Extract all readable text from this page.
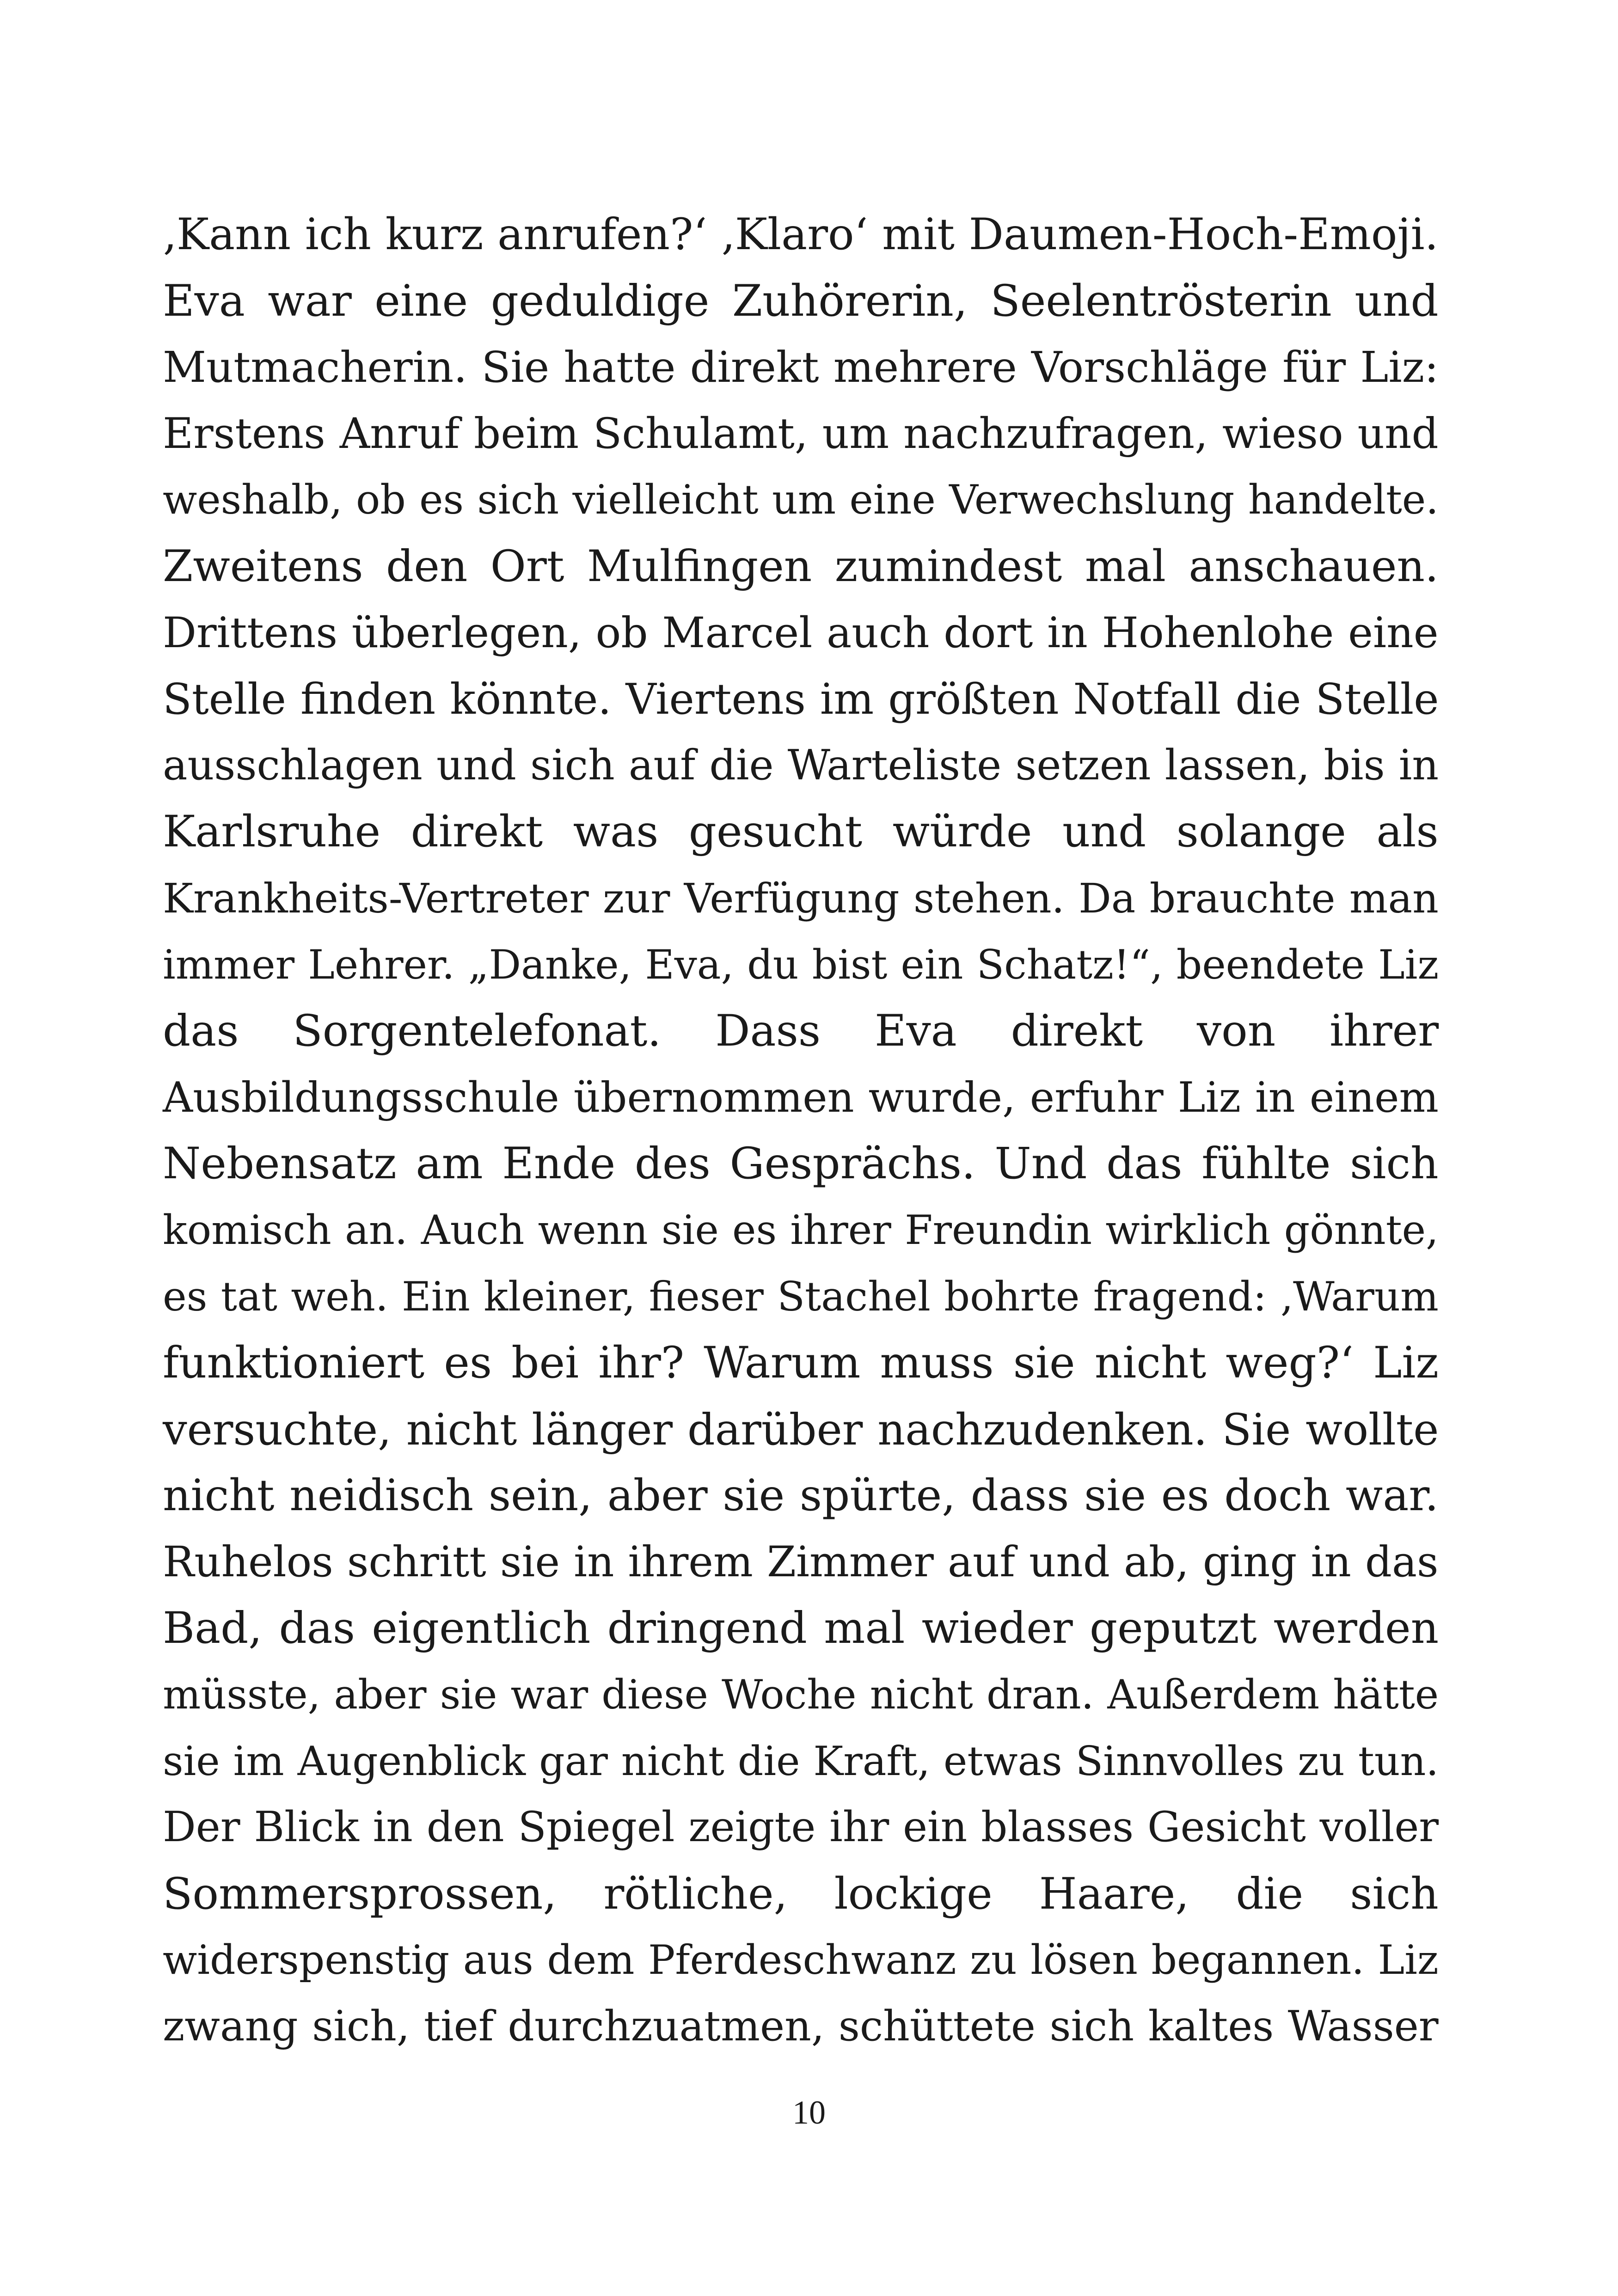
‚Kann ich kurz anrufen?‘ ‚Klaro‘ mit Daumen-Hoch-Emoji.
Eva war eine geduldige Zuhörerin, Seelentrösterin und
Mutmacherin. Sie hatte direkt mehrere Vorschläge für Liz:
Erstens Anruf beim Schulamt, um nachzufragen, wieso und
weshalb, ob es sich vielleicht um eine Verwechslung handelte.
Zweitens den Ort Mulfingen zumindest mal anschauen.
Drittens überlegen, ob Marcel auch dort in Hohenlohe eine
Stelle finden könnte. Viertens im größten Notfall die Stelle
ausschlagen und sich auf die Warteliste setzen lassen, bis in
Karlsruhe direkt was gesucht würde und solange als
Krankheits-Vertreter zur Verfügung stehen. Da brauchte man
immer Lehrer. „Danke, Eva, du bist ein Schatz!“, beendete Liz
das Sorgentelefonat. Dass Eva direkt von ihrer
Ausbildungsschule übernommen wurde, erfuhr Liz in einem
Nebensatz am Ende des Gesprächs. Und das fühlte sich
komisch an. Auch wenn sie es ihrer Freundin wirklich gönnte,
es tat weh. Ein kleiner, fieser Stachel bohrte fragend: ‚Warum
funktioniert es bei ihr? Warum muss sie nicht weg?‘ Liz
versuchte, nicht länger darüber nachzudenken. Sie wollte
nicht neidisch sein, aber sie spürte, dass sie es doch war.
Ruhelos schritt sie in ihrem Zimmer auf und ab, ging in das
Bad, das eigentlich dringend mal wieder geputzt werden
müsste, aber sie war diese Woche nicht dran. Außerdem hätte
sie im Augenblick gar nicht die Kraft, etwas Sinnvolles zu tun.
Der Blick in den Spiegel zeigte ihr ein blasses Gesicht voller
Sommersprossen, rötliche, lockige Haare, die sich
widerspenstig aus dem Pferdeschwanz zu lösen begannen. Liz
zwang sich, tief durchzuatmen, schüttete sich kaltes Wasser

10
